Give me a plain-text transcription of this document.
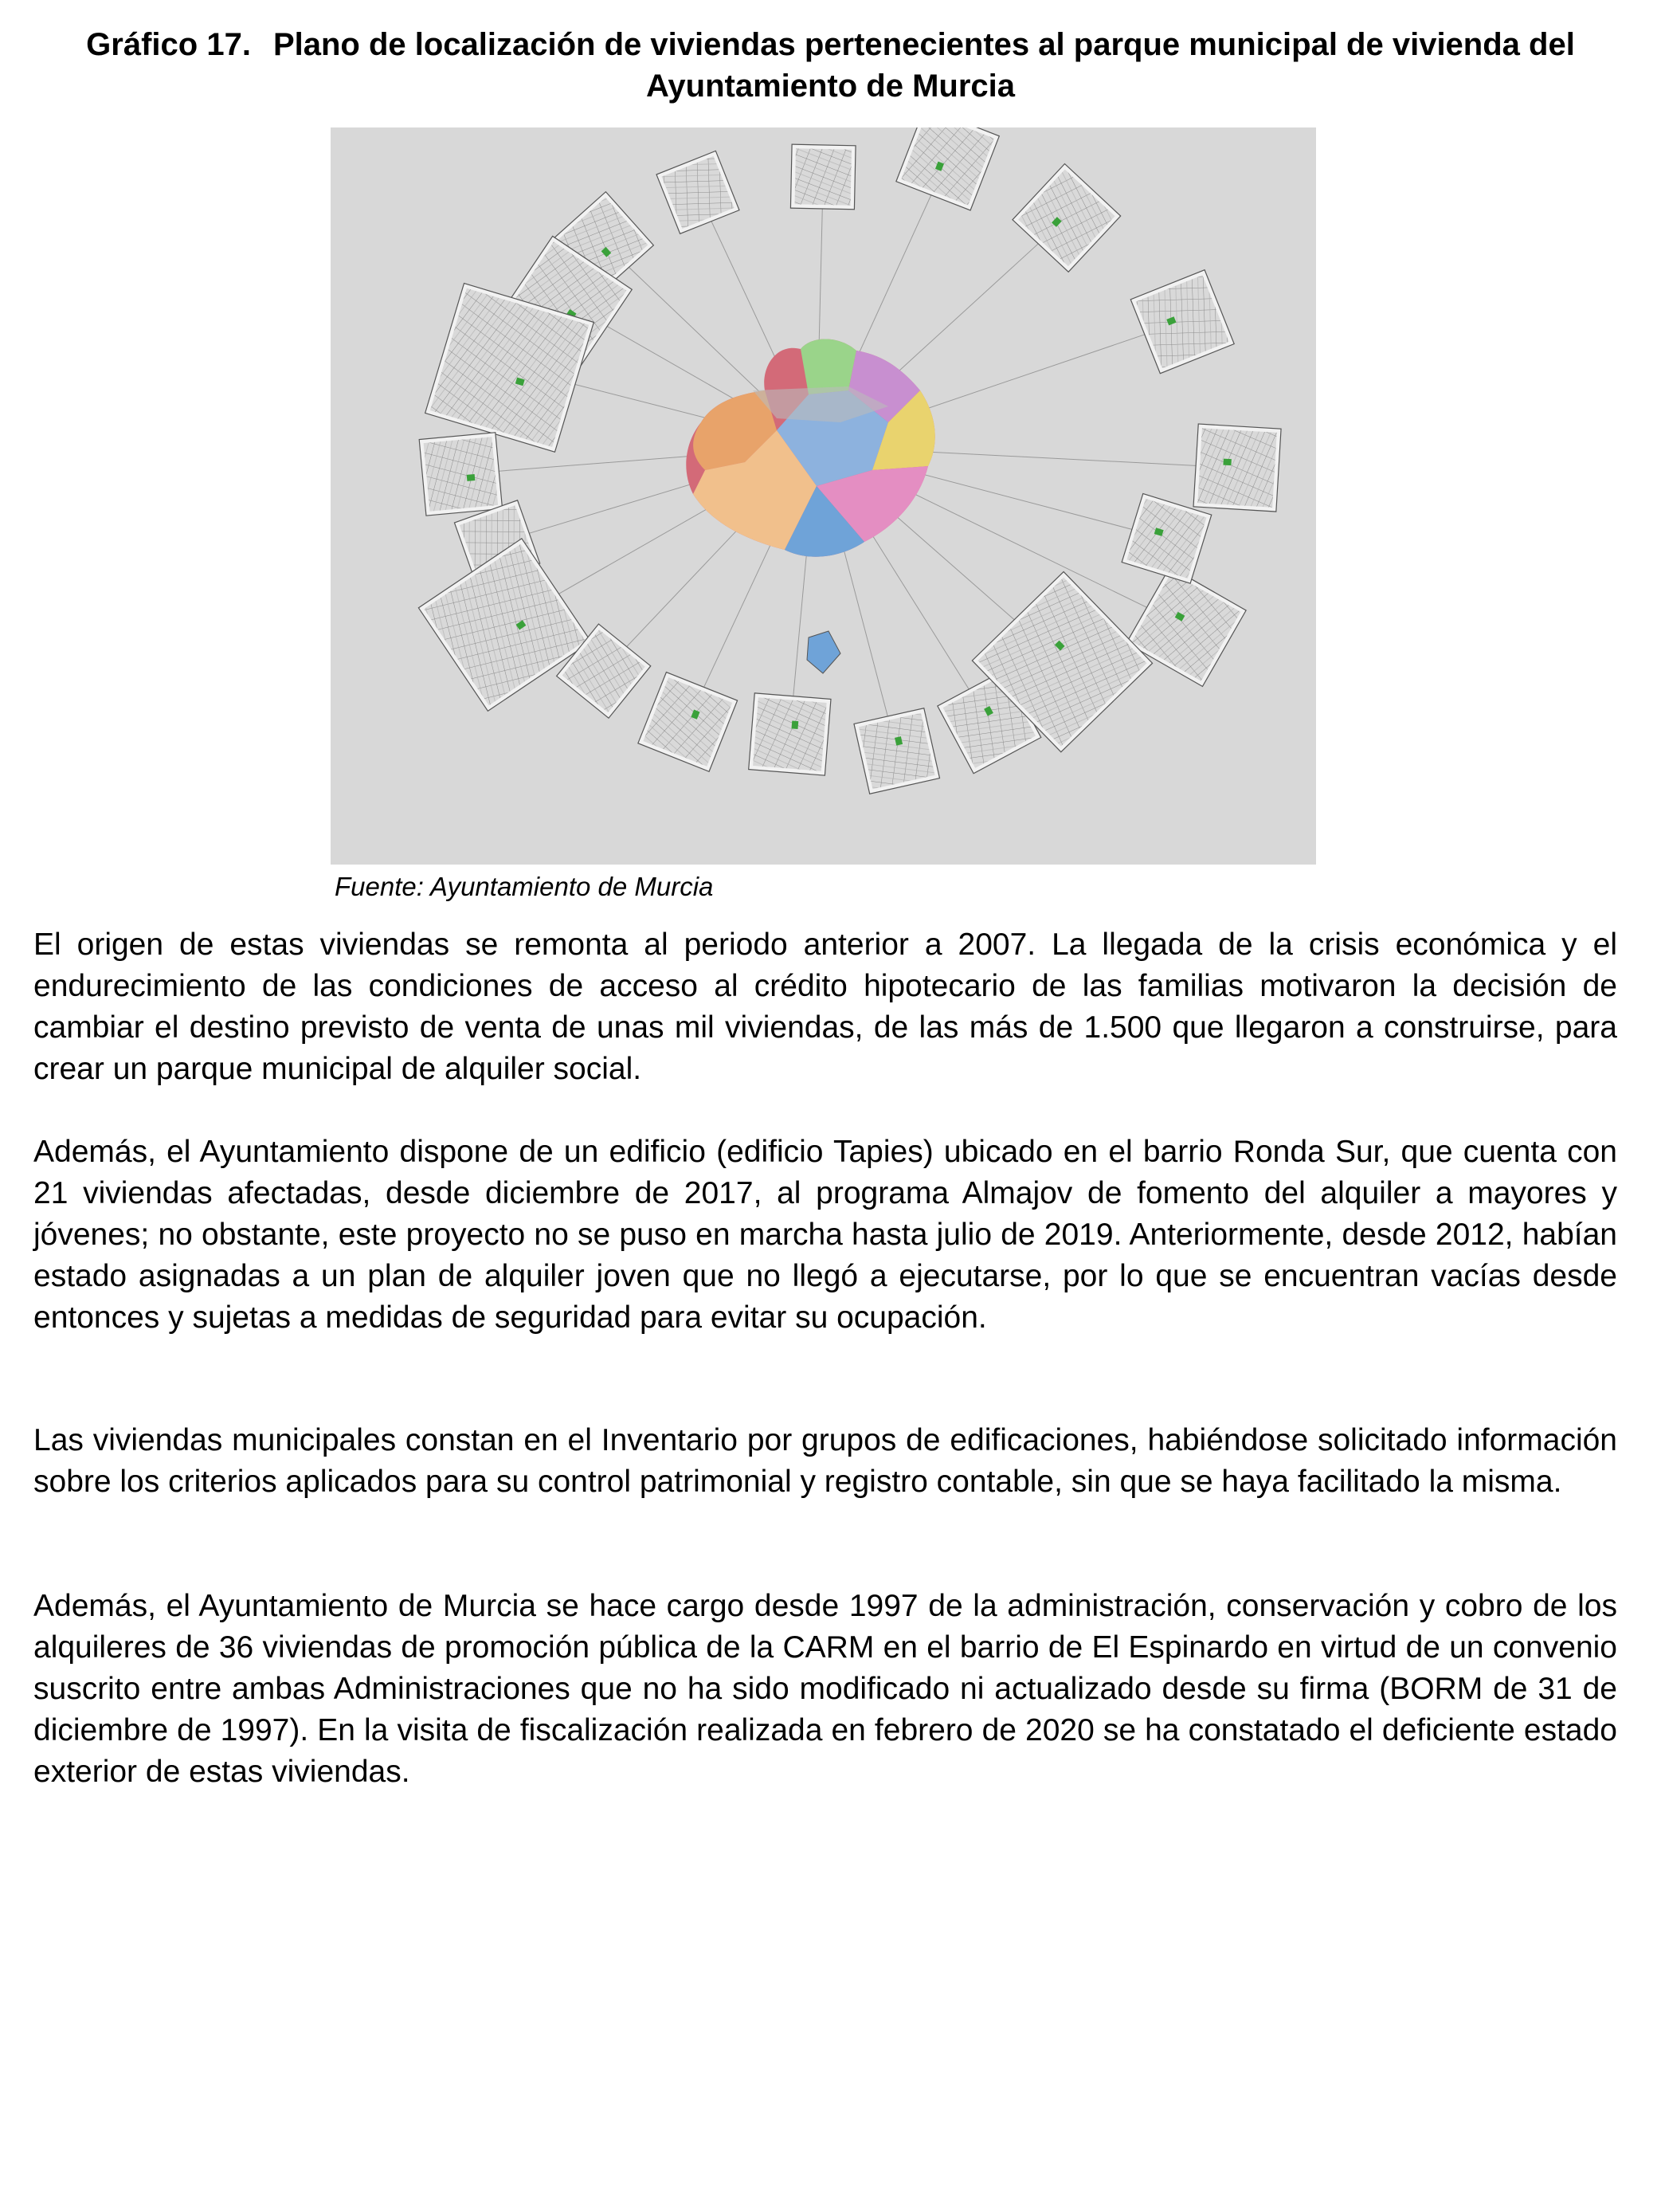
Gráfico 17. Plano de localización de viviendas pertenecientes al parque municipal de vivienda del Ayuntamiento de Murcia
Fuente: Ayuntamiento de Murcia

El origen de estas viviendas se remonta al periodo anterior a 2007. La llegada de la crisis económica y el endurecimiento de las condiciones de acceso al crédito hipotecario de las familias motivaron la decisión de cambiar el destino previsto de venta de unas mil viviendas, de las más de 1.500 que llegaron a construirse, para crear un parque municipal de alquiler social.

Además, el Ayuntamiento dispone de un edificio (edificio Tapies) ubicado en el barrio Ronda Sur, que cuenta con 21 viviendas afectadas, desde diciembre de 2017, al programa Almajov de fomento del alquiler a mayores y jóvenes; no obstante, este proyecto no se puso en marcha hasta julio de 2019. Anteriormente, desde 2012, habían estado asignadas a un plan de alquiler joven que no llegó a ejecutarse, por lo que se encuentran vacías desde entonces y sujetas a medidas de seguridad para evitar su ocupación.

Las viviendas municipales constan en el Inventario por grupos de edificaciones, habiéndose solicitado información sobre los criterios aplicados para su control patrimonial y registro contable, sin que se haya facilitado la misma.

Además, el Ayuntamiento de Murcia se hace cargo desde 1997 de la administración, conservación y cobro de los alquileres de 36 viviendas de promoción pública de la CARM en el barrio de El Espinardo en virtud de un convenio suscrito entre ambas Administraciones que no ha sido modificado ni actualizado desde su firma (BORM de 31 de diciembre de 1997). En la visita de fiscalización realizada en febrero de 2020 se ha constatado el deficiente estado exterior de estas viviendas.
